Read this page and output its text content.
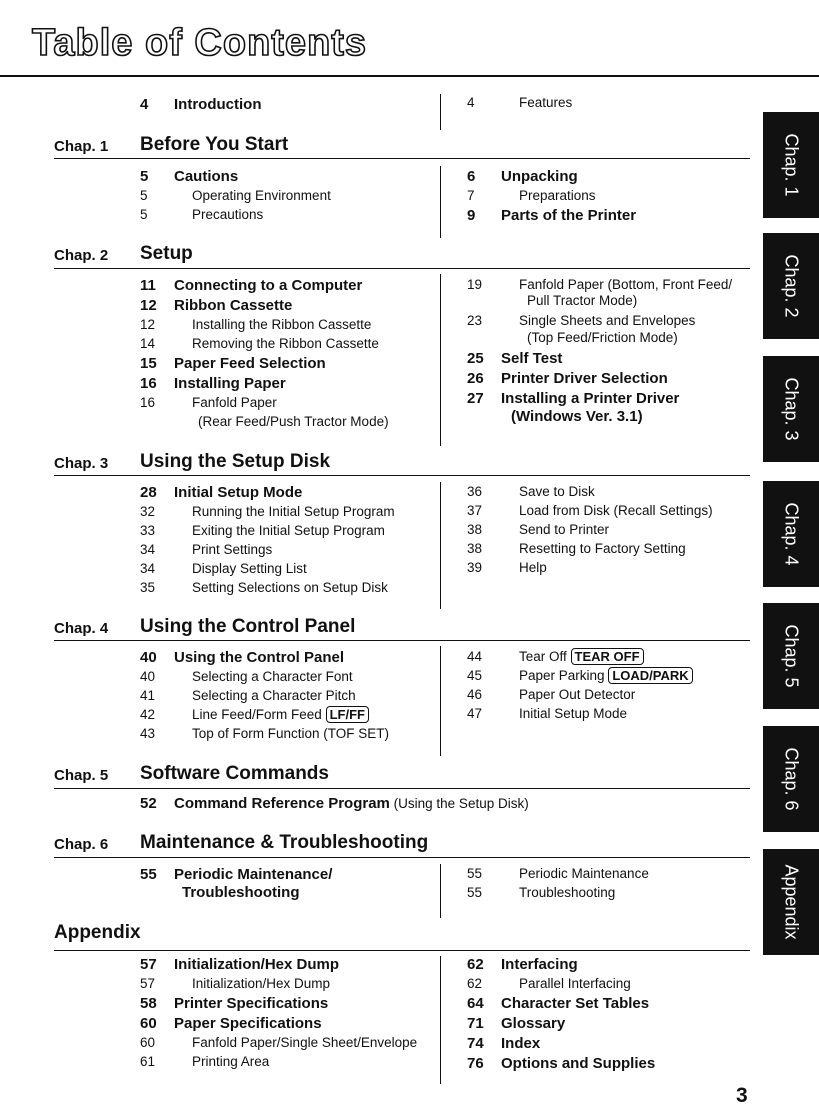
Table of Contents
4 Introduction	4	Features
Chap. 1 Before You Start
5 Cautions
5	Operating Environment
5	Precautions
6 Unpacking
7	Preparations
9 Parts of the Printer
Chap. 2 Setup
11 Connecting to a Computer
12 Ribbon Cassette
12	Installing the Ribbon Cassette
14	Removing the Ribbon Cassette
15 Paper Feed Selection
16 Installing Paper
16	Fanfold Paper
(Rear Feed/Push Tractor Mode)
19	Fanfold Paper (Bottom, Front Feed/
Pull Tractor Mode)
23	Single Sheets and Envelopes
(Top Feed/Friction Mode)
25 Self Test
26 Printer Driver Selection
27 Installing a Printer Driver
(Windows Ver. 3.1)
Chap. 3 Using the Setup Disk
28 Initial Setup Mode
32	Running the Initial Setup Program
33	Exiting the Initial Setup Program
34	Print Settings
34	Display Setting List
35	Setting Selections on Setup Disk
36	Save to Disk
37	Load from Disk (Recall Settings)
38	Send to Printer
38	Resetting to Factory Setting
39	Help
Chap. 4 Using the Control Panel
40 Using the Control Panel
40	Selecting a Character Font
41	Selecting a Character Pitch
42	Line Feed/Form Feed LF/FF
43	Top of Form Function (TOF SET)
44	Tear Off TEAR OFF
45	Paper Parking LOAD/PARK
46	Paper Out Detector
47	Initial Setup Mode
Chap. 5 Software Commands
52 Command Reference Program (Using the Setup Disk)
Chap. 6 Maintenance & Troubleshooting
55 Periodic Maintenance/
Troubleshooting
55	Periodic Maintenance
55	Troubleshooting
Appendix
57 Initialization/Hex Dump
57	Initialization/Hex Dump
58 Printer Specifications
60 Paper Specifications
60	Fanfold Paper/Single Sheet/Envelope
61	Printing Area
62 Interfacing
62	Parallel Interfacing
64 Character Set Tables
71 Glossary
74 Index
76 Options and Supplies
Chap. 1
Chap. 2
Chap. 3
Chap. 4
Chap. 5
Chap. 6
Appendix
3
